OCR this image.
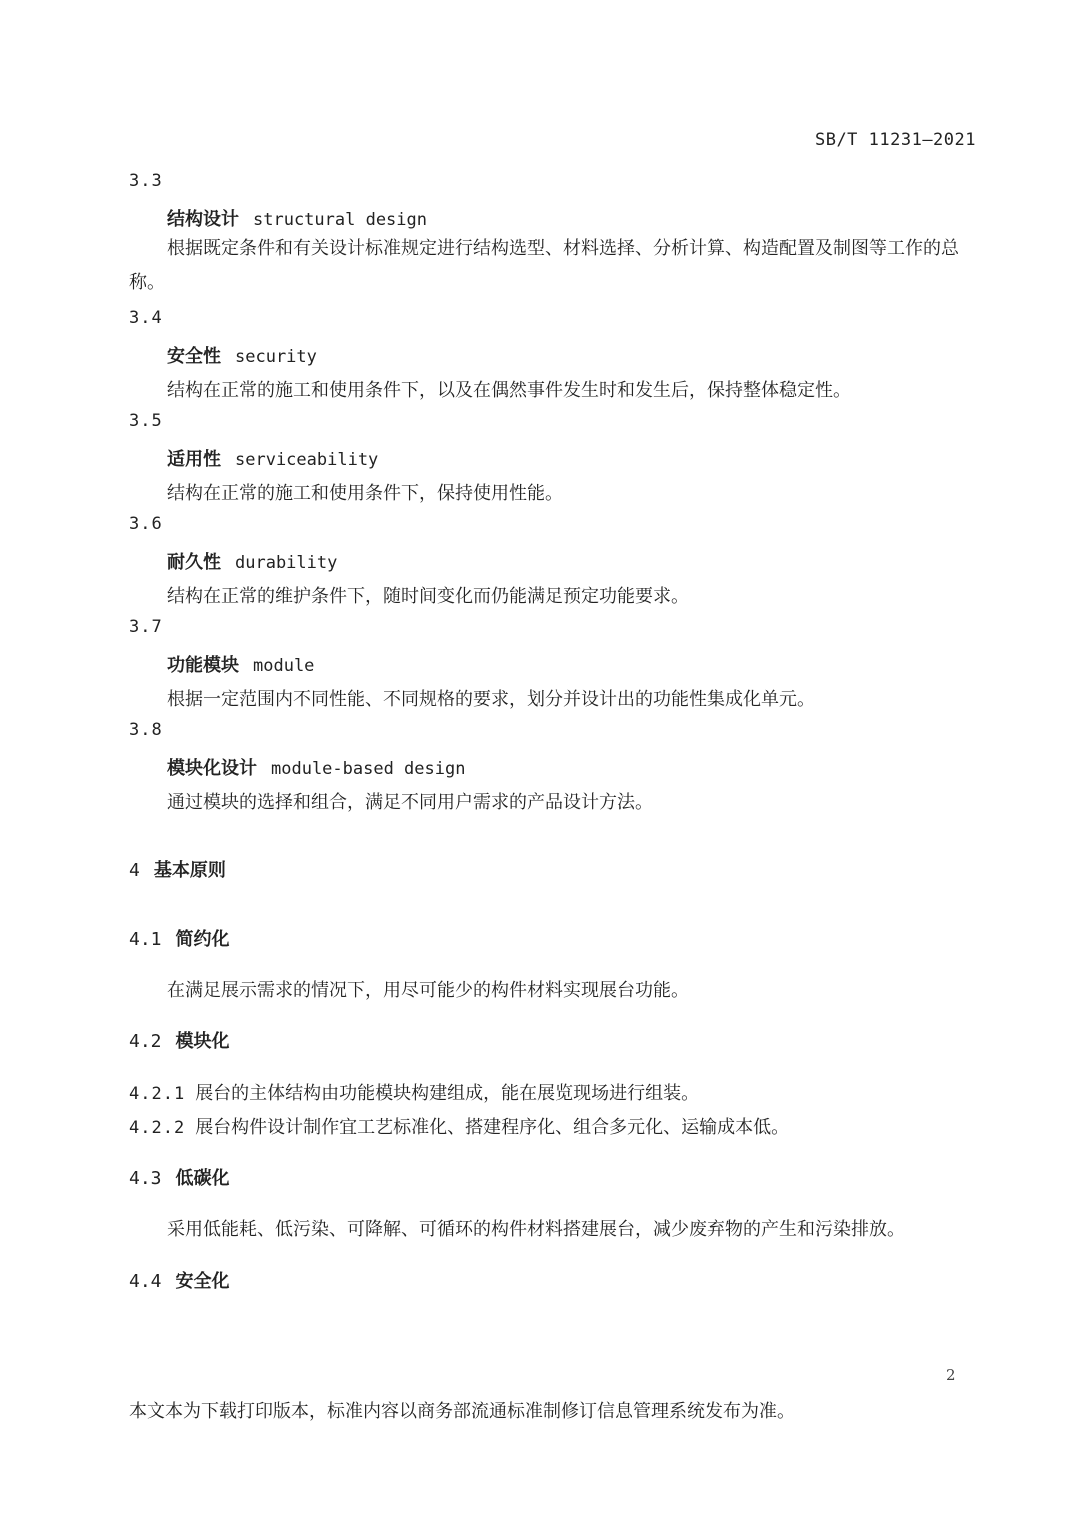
SB/T 11231—2021
3.3
结构设计 structural design
根据既定条件和有关设计标准规定进行结构选型、材料选择、分析计算、构造配置及制图等工作的总称。
3.4
安全性 security
结构在正常的施工和使用条件下，以及在偶然事件发生时和发生后，保持整体稳定性。
3.5
适用性 serviceability
结构在正常的施工和使用条件下，保持使用性能。
3.6
耐久性 durability
结构在正常的维护条件下，随时间变化而仍能满足预定功能要求。
3.7
功能模块 module
根据一定范围内不同性能、不同规格的要求，划分并设计出的功能性集成化单元。
3.8
模块化设计 module-based design
通过模块的选择和组合，满足不同用户需求的产品设计方法。
4 基本原则
4.1 简约化
在满足展示需求的情况下，用尽可能少的构件材料实现展台功能。
4.2 模块化
4.2.1 展台的主体结构由功能模块构建组成，能在展览现场进行组装。
4.2.2 展台构件设计制作宜工艺标准化、搭建程序化、组合多元化、运输成本低。
4.3 低碳化
采用低能耗、低污染、可降解、可循环的构件材料搭建展台，减少废弃物的产生和污染排放。
4.4 安全化
2
本文本为下载打印版本，标准内容以商务部流通标准制修订信息管理系统发布为准。
